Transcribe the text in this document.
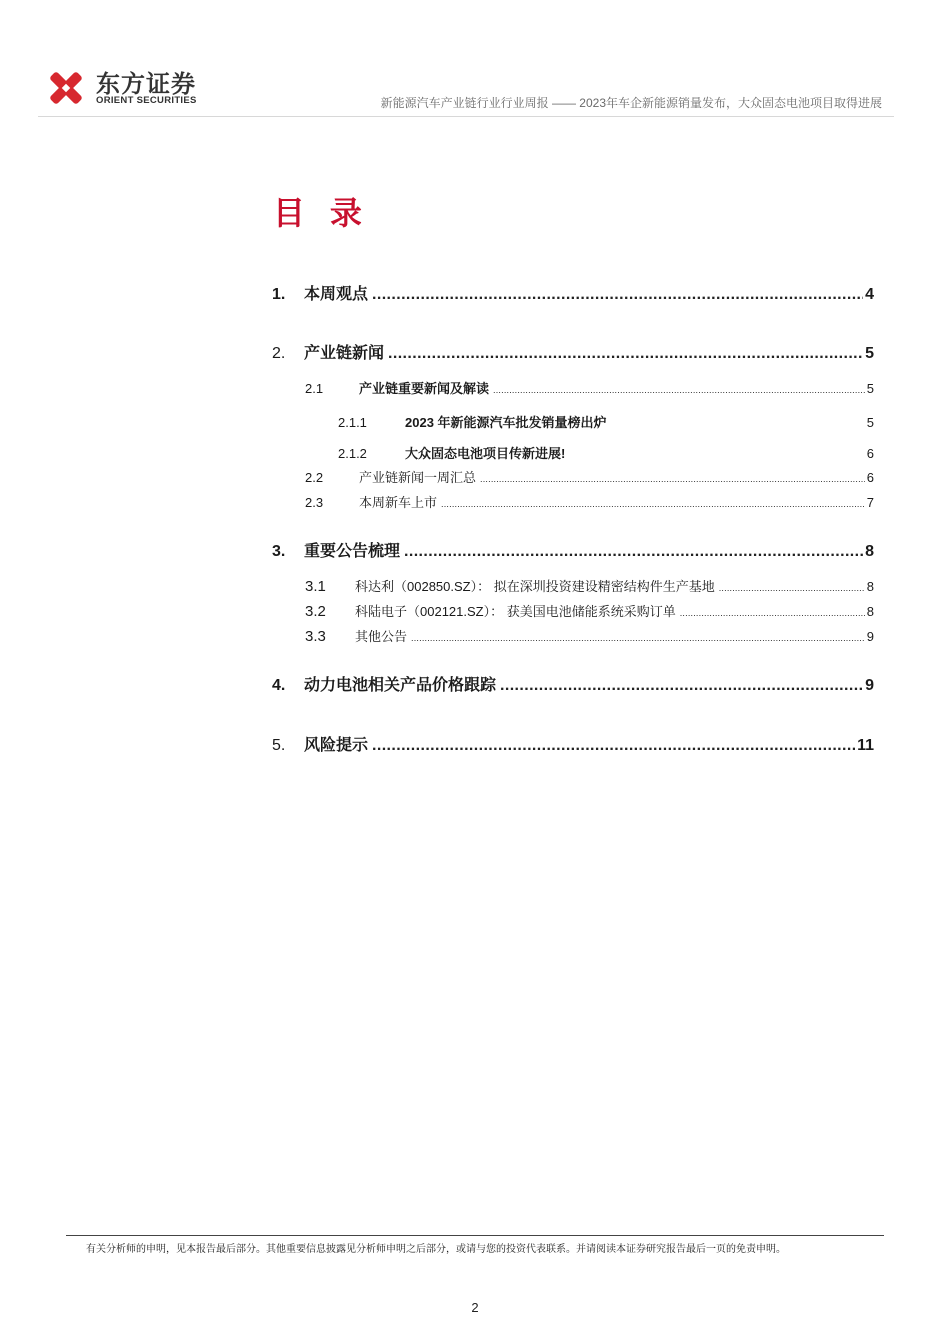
东方证券
ORIENT SECURITIES	新能源汽车产业链行业行业周报 —— 2023年车企新能源销量发布，大众固态电池项目取得进展
目 录
1.	本周观点 .....	4
2.	产业链新闻 .....	5
2.1	产业链重要新闻及解读 .....	5
2.1.1	2023 年新能源汽车批发销量榜出炉	5
2.1.2	大众固态电池项目传新进展!	6
2.2	产业链新闻一周汇总 .....	6
2.3	本周新车上市 .....	7
3.	重要公告梳理 .....	8
3.1	科达利（002850.SZ）： 拟在深圳投资建设精密结构件生产基地 .....	8
3.2	科陆电子（002121.SZ）： 获美国电池储能系统采购订单 .....	8
3.3	其他公告 .....	9
4.	动力电池相关产品价格跟踪 .....	9
5.	风险提示 .....	11
有关分析师的申明，见本报告最后部分。其他重要信息披露见分析师申明之后部分，或请与您的投资代表联系。并请阅读本证券研究报告最后一页的免责申明。
2
